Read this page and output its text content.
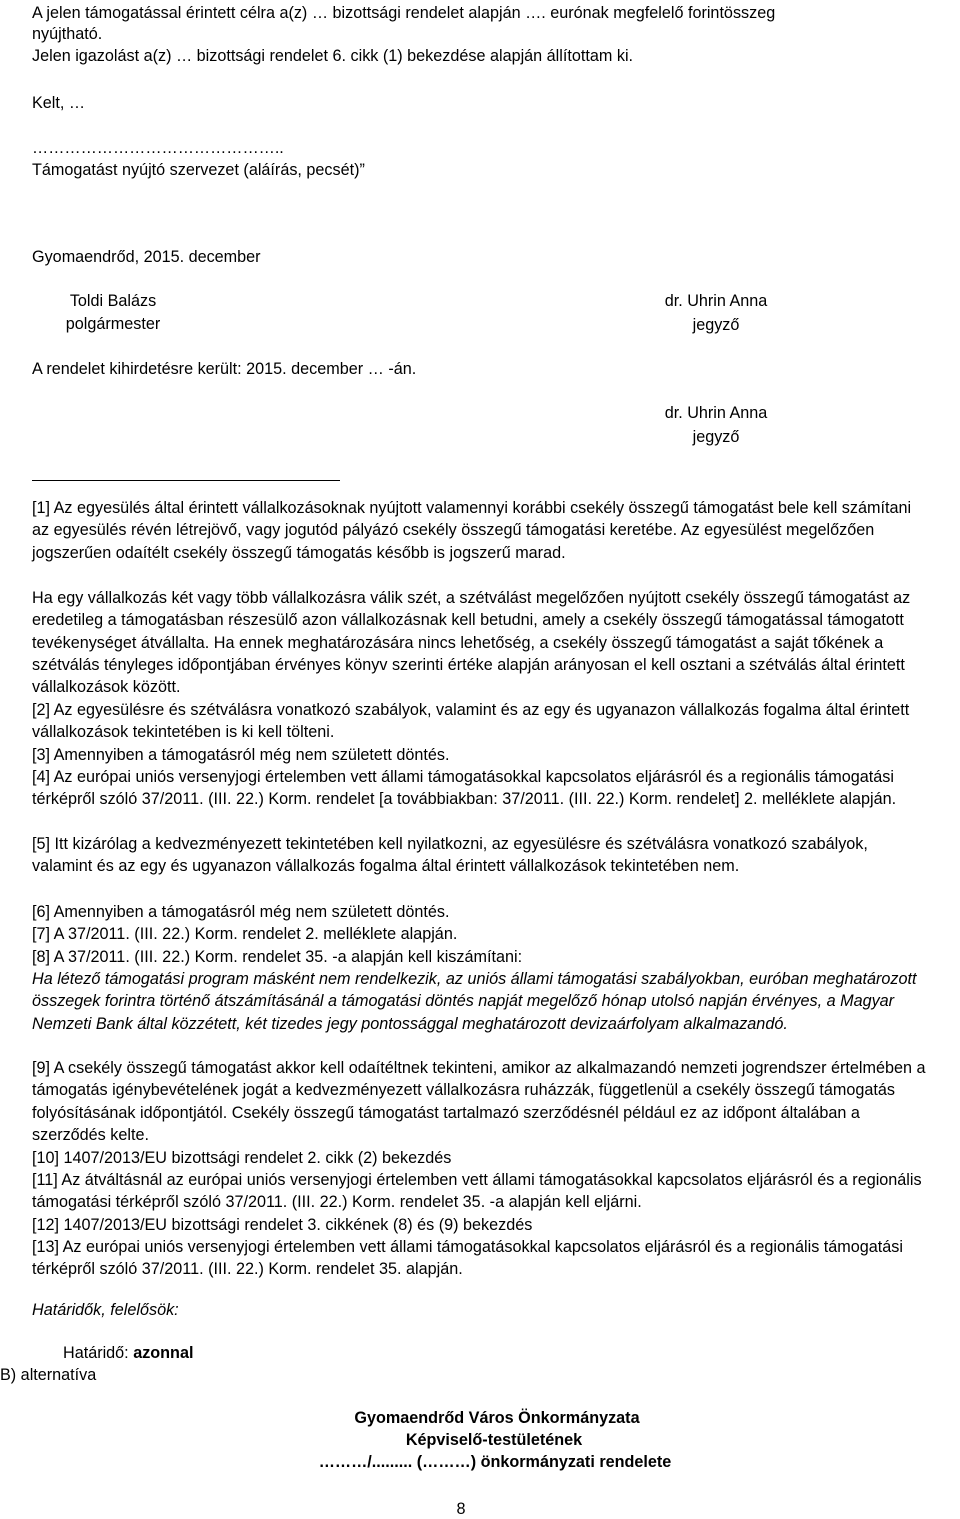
A jelen támogatással érintett célra a(z) … bizottsági rendelet alapján …. eurónak megfelelő forintösszeg
nyújtható.
Jelen igazolást a(z) … bizottsági rendelet 6. cikk (1) bekezdése alapján állítottam ki.
Kelt, …
………………………………………..
Támogatást nyújtó szervezet (aláírás, pecsét)”
Gyomaendrőd, 2015. december
Toldi Balázs
polgármester
dr. Uhrin Anna
jegyző
A rendelet kihirdetésre került: 2015. december … -án.
dr. Uhrin Anna
jegyző
[1] Az egyesülés által érintett vállalkozásoknak nyújtott valamennyi korábbi csekély összegű támogatást bele kell számítani az egyesülés révén létrejövő, vagy jogutód pályázó csekély összegű támogatási keretébe. Az egyesülést megelőzően jogszerűen odaítélt csekély összegű támogatás később is jogszerű marad.
Ha egy vállalkozás két vagy több vállalkozásra válik szét, a szétválást megelőzően nyújtott csekély összegű támogatást az eredetileg a támogatásban részesülő azon vállalkozásnak kell betudni, amely a csekély összegű támogatással támogatott tevékenységet átvállalta. Ha ennek meghatározására nincs lehetőség, a csekély összegű támogatást a saját tőkének a szétválás tényleges időpontjában érvényes könyv szerinti értéke alapján arányosan el kell osztani a szétválás által érintett vállalkozások között.
[2] Az egyesülésre és szétválásra vonatkozó szabályok, valamint és az egy és ugyanazon vállalkozás fogalma által érintett vállalkozások tekintetében is ki kell tölteni.
[3] Amennyiben a támogatásról még nem született döntés.
[4] Az európai uniós versenyjogi értelemben vett állami támogatásokkal kapcsolatos eljárásról és a regionális támogatási térképről szóló 37/2011. (III. 22.) Korm. rendelet [a továbbiakban: 37/2011. (III. 22.) Korm. rendelet] 2. melléklete alapján.
[5] Itt kizárólag a kedvezményezett tekintetében kell nyilatkozni, az egyesülésre és szétválásra vonatkozó szabályok, valamint és az egy és ugyanazon vállalkozás fogalma által érintett vállalkozások tekintetében nem.
[6] Amennyiben a támogatásról még nem született döntés.
[7] A 37/2011. (III. 22.) Korm. rendelet 2. melléklete alapján.
[8] A 37/2011. (III. 22.) Korm. rendelet 35. -a alapján kell kiszámítani:
Ha létező támogatási program másként nem rendelkezik, az uniós állami támogatási szabályokban, euróban meghatározott összegek forintra történő átszámításánál a támogatási döntés napját megelőző hónap utolsó napján érvényes, a Magyar Nemzeti Bank által közzétett, két tizedes jegy pontossággal meghatározott devizaárfolyam alkalmazandó.
[9] A csekély összegű támogatást akkor kell odaítéltnek tekinteni, amikor az alkalmazandó nemzeti jogrendszer értelmében a támogatás igénybevételének jogát a kedvezményezett vállalkozásra ruházzák, függetlenül a csekély összegű támogatás folyósításának időpontjától. Csekély összegű támogatást tartalmazó szerződésnél például ez az időpont általában a szerződés kelte.
[10] 1407/2013/EU bizottsági rendelet 2. cikk (2) bekezdés
[11] Az átváltásnál az európai uniós versenyjogi értelemben vett állami támogatásokkal kapcsolatos eljárásról és a regionális támogatási térképről szóló 37/2011. (III. 22.) Korm. rendelet 35. -a alapján kell eljárni.
[12] 1407/2013/EU bizottsági rendelet 3. cikkének (8) és (9) bekezdés
[13] Az európai uniós versenyjogi értelemben vett állami támogatásokkal kapcsolatos eljárásról és a regionális támogatási térképről szóló 37/2011. (III. 22.) Korm. rendelet 35. alapján.
Határidők, felelősök:
Határidő: azonnal
B) alternatíva
Gyomaendrőd Város Önkormányzata
Képviselő-testületének
………/......... (………) önkormányzati rendelete
8
